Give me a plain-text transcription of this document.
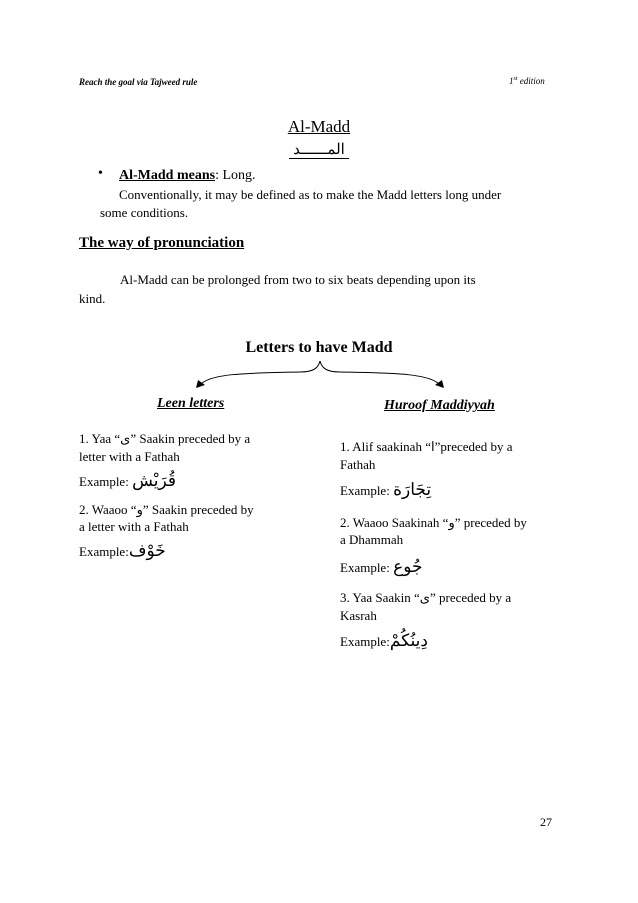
Reach the goal via Tajweed rule	1st edition
Al-Madd
المــــــد
• Al-Madd means: Long.
Conventionally, it may be defined as to make the Madd letters long under
some conditions.
The way of pronunciation
Al-Madd can be prolonged from two to six beats depending upon its
kind.
Letters to have Madd
Leen letters	Huroof Maddiyyah
1. Yaa “ى” Saakin preceded by a
letter with a Fathah
Example: قُرَيْش
2. Waaoo “و” Saakin preceded by
a letter with a Fathah
Example:خَوْف
1. Alif saakinah “ا”preceded by a
Fathah
Example: تِجَارَة
2. Waaoo Saakinah “و” preceded by
a Dhammah
Example: جُوع
3. Yaa Saakin “ى” preceded by a
Kasrah
Example:دِينُكُمْ
27
